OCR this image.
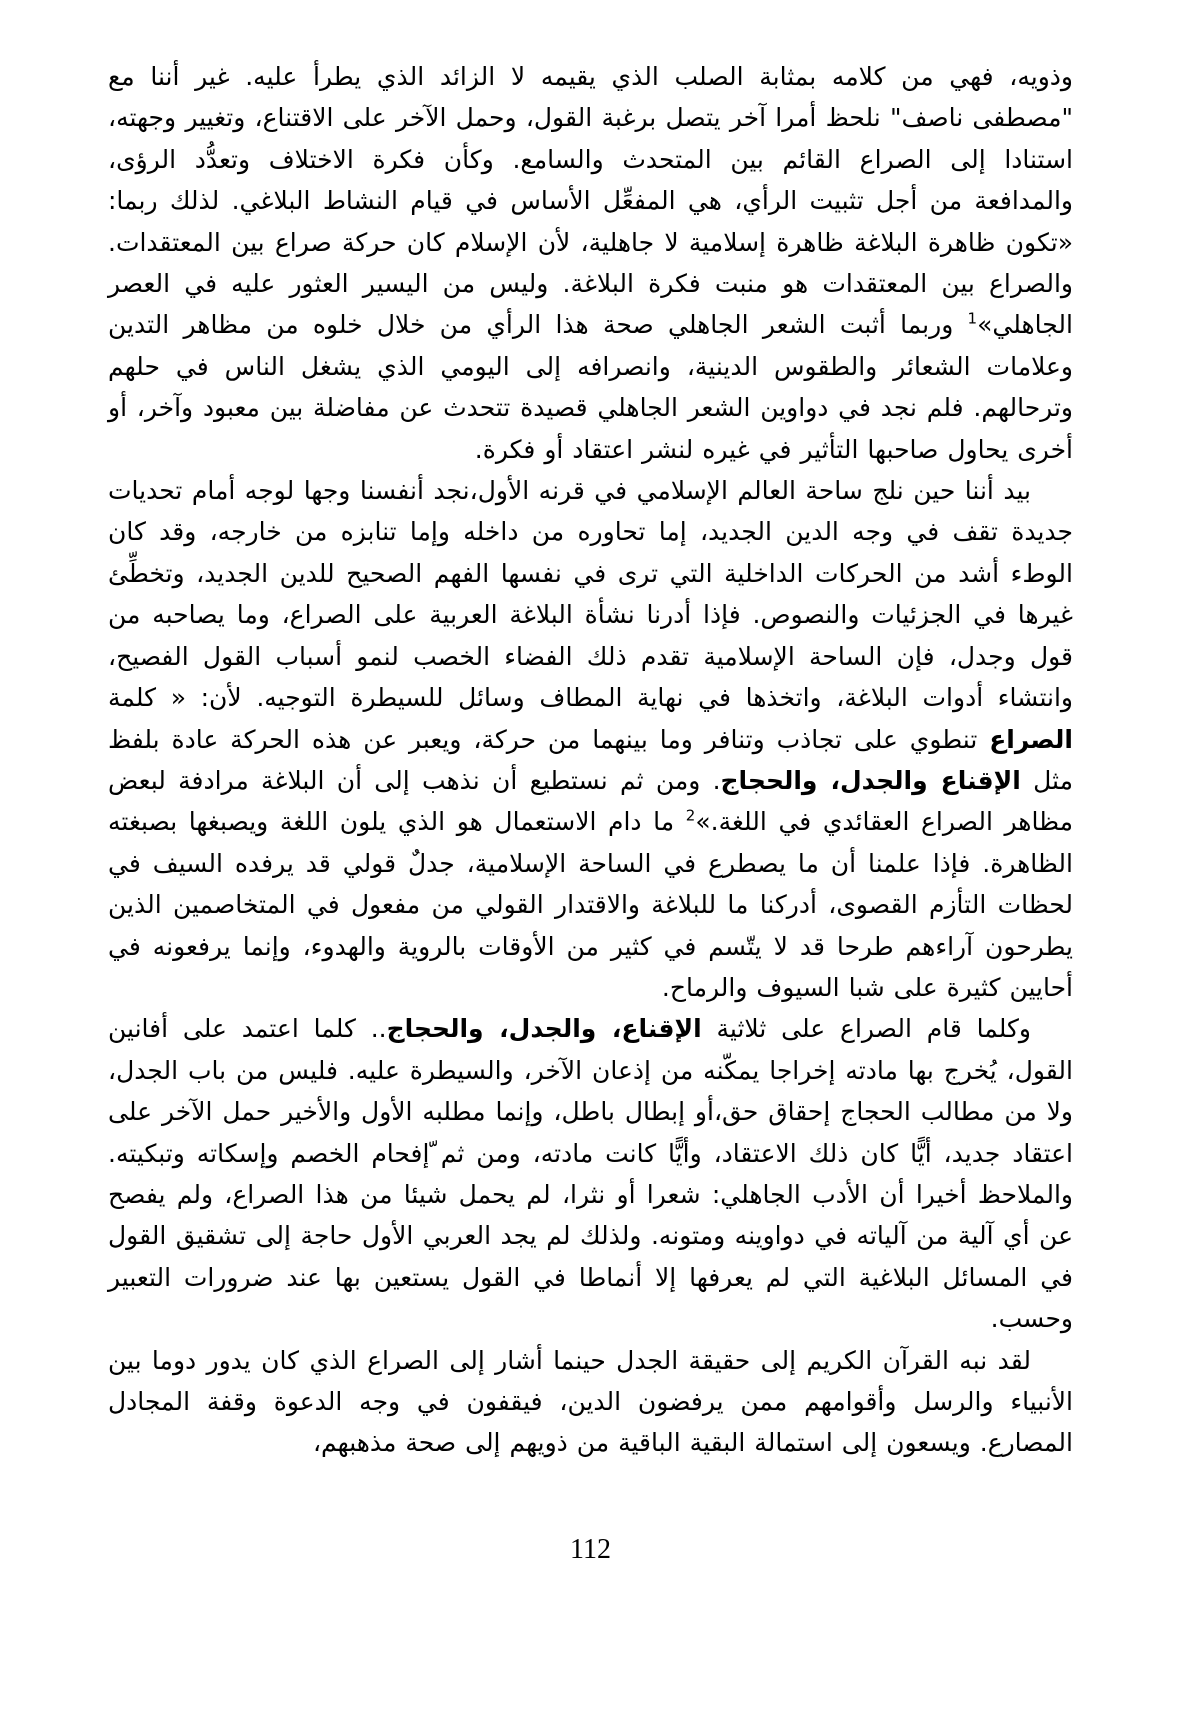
وذويه، فهي من كلامه بمثابة الصلب الذي يقيمه لا الزائد الذي يطرأ عليه. غير أننا مع "مصطفى ناصف" نلحظ أمرا آخر يتصل برغبة القول، وحمل الآخر على الاقتناع، وتغيير وجهته، استنادا إلى الصراع القائم بين المتحدث والسامع. وكأن فكرة الاختلاف وتعدُّد الرؤى، والمدافعة من أجل تثبيت الرأي، هي المفعِّل الأساس في قيام النشاط البلاغي. لذلك ربما: «تكون ظاهرة البلاغة ظاهرة إسلامية لا جاهلية، لأن الإسلام كان حركة صراع بين المعتقدات. والصراع بين المعتقدات هو منبت فكرة البلاغة. وليس من اليسير العثور عليه في العصر الجاهلي»$^1$ وربما أثبت الشعر الجاهلي صحة هذا الرأي من خلال خلوه من مظاهر التدين وعلامات الشعائر والطقوس الدينية، وانصرافه إلى اليومي الذي يشغل الناس في حلهم وترحالهم. فلم نجد في دواوين الشعر الجاهلي قصيدة تتحدث عن مفاضلة بين معبود وآخر، أو أخرى يحاول صاحبها التأثير في غيره لنشر اعتقاد أو فكرة.

بيد أننا حين نلج ساحة العالم الإسلامي في قرنه الأول،نجد أنفسنا وجها لوجه أمام تحديات جديدة تقف في وجه الدين الجديد، إما تحاوره من داخله وإما تنابزه من خارجه، وقد كان الوطء أشد من الحركات الداخلية التي ترى في نفسها الفهم الصحيح للدين الجديد، وتخطِّئ غيرها في الجزئيات والنصوص. فإذا أدرنا نشأة البلاغة العربية على الصراع، وما يصاحبه من قول وجدل، فإن الساحة الإسلامية تقدم ذلك الفضاء الخصب لنمو أسباب القول الفصيح، وانتشاء أدوات البلاغة، واتخذها في نهاية المطاف وسائل للسيطرة التوجيه. لأن: « كلمة الصراع تنطوي على تجاذب وتنافر وما بينهما من حركة، ويعبر عن هذه الحركة عادة بلفظ مثل الإقناع والجدل، والحجاج. ومن ثم نستطيع أن نذهب إلى أن البلاغة مرادفة لبعض مظاهر الصراع العقائدي في اللغة.»$^2$ ما دام الاستعمال هو الذي يلون اللغة ويصبغها بصبغته الظاهرة. فإذا علمنا أن ما يصطرع في الساحة الإسلامية، جدلٌ قولي قد يرفده السيف في لحظات التأزم القصوى، أدركنا ما للبلاغة والاقتدار القولي من مفعول في المتخاصمين الذين يطرحون آراءهم طرحا قد لا يتّسم في كثير من الأوقات بالروية والهدوء، وإنما يرفعونه في أحايين كثيرة على شبا السيوف والرماح.

وكلما قام الصراع على ثلاثية الإقناع، والجدل، والحجاج.. كلما اعتمد على أفانين القول، يُخرج بها مادته إخراجا يمكّنه من إذعان الآخر، والسيطرة عليه. فليس من باب الجدل، ولا من مطالب الحجاج إحقاق حق،أو إبطال باطل، وإنما مطلبه الأول والأخير حمل الآخر على اعتقاد جديد، أيًّا كان ذلك الاعتقاد، وأيًّا كانت مادته، ومن ثم ّإفحام الخصم وإسكاته وتبكيته. والملاحظ أخيرا أن الأدب الجاهلي: شعرا أو نثرا، لم يحمل شيئا من هذا الصراع، ولم يفصح عن أي آلية من آلياته في دواوينه ومتونه. ولذلك لم يجد العربي الأول حاجة إلى تشقيق القول في المسائل البلاغية التي لم يعرفها إلا أنماطا في القول يستعين بها عند ضرورات التعبير وحسب.

لقد نبه القرآن الكريم إلى حقيقة الجدل حينما أشار إلى الصراع الذي كان يدور دوما بين الأنبياء والرسل وأقوامهم ممن يرفضون الدين، فيقفون في وجه الدعوة وقفة المجادل المصارع. ويسعون إلى استمالة البقية الباقية من ذويهم إلى صحة مذهبهم،

112
